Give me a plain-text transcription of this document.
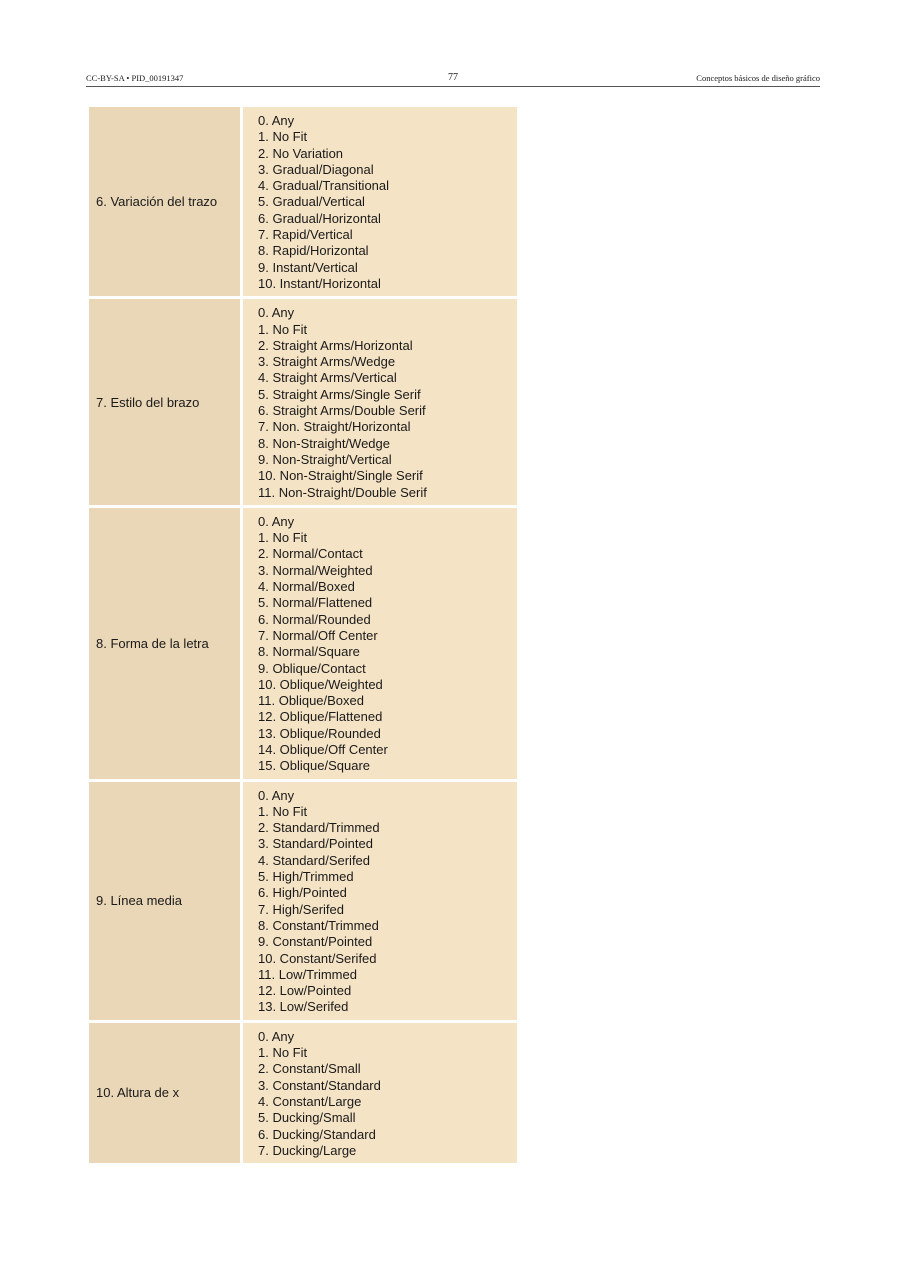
CC-BY-SA • PID_00191347	77	Conceptos básicos de diseño gráfico
6. Variación del trazo
0. Any
1. No Fit
2. No Variation
3. Gradual/Diagonal
4. Gradual/Transitional
5. Gradual/Vertical
6. Gradual/Horizontal
7. Rapid/Vertical
8. Rapid/Horizontal
9. Instant/Vertical
10. Instant/Horizontal
7. Estilo del brazo
0. Any
1. No Fit
2. Straight Arms/Horizontal
3. Straight Arms/Wedge
4. Straight Arms/Vertical
5. Straight Arms/Single Serif
6. Straight Arms/Double Serif
7. Non. Straight/Horizontal
8. Non-Straight/Wedge
9. Non-Straight/Vertical
10. Non-Straight/Single Serif
11. Non-Straight/Double Serif
8. Forma de la letra
0. Any
1. No Fit
2. Normal/Contact
3. Normal/Weighted
4. Normal/Boxed
5. Normal/Flattened
6. Normal/Rounded
7. Normal/Off Center
8. Normal/Square
9. Oblique/Contact
10. Oblique/Weighted
11. Oblique/Boxed
12. Oblique/Flattened
13. Oblique/Rounded
14. Oblique/Off Center
15. Oblique/Square
9. Línea media
0. Any
1. No Fit
2. Standard/Trimmed
3. Standard/Pointed
4. Standard/Serifed
5. High/Trimmed
6. High/Pointed
7. High/Serifed
8. Constant/Trimmed
9. Constant/Pointed
10. Constant/Serifed
11. Low/Trimmed
12. Low/Pointed
13. Low/Serifed
10. Altura de x
0. Any
1. No Fit
2. Constant/Small
3. Constant/Standard
4. Constant/Large
5. Ducking/Small
6. Ducking/Standard
7. Ducking/Large
